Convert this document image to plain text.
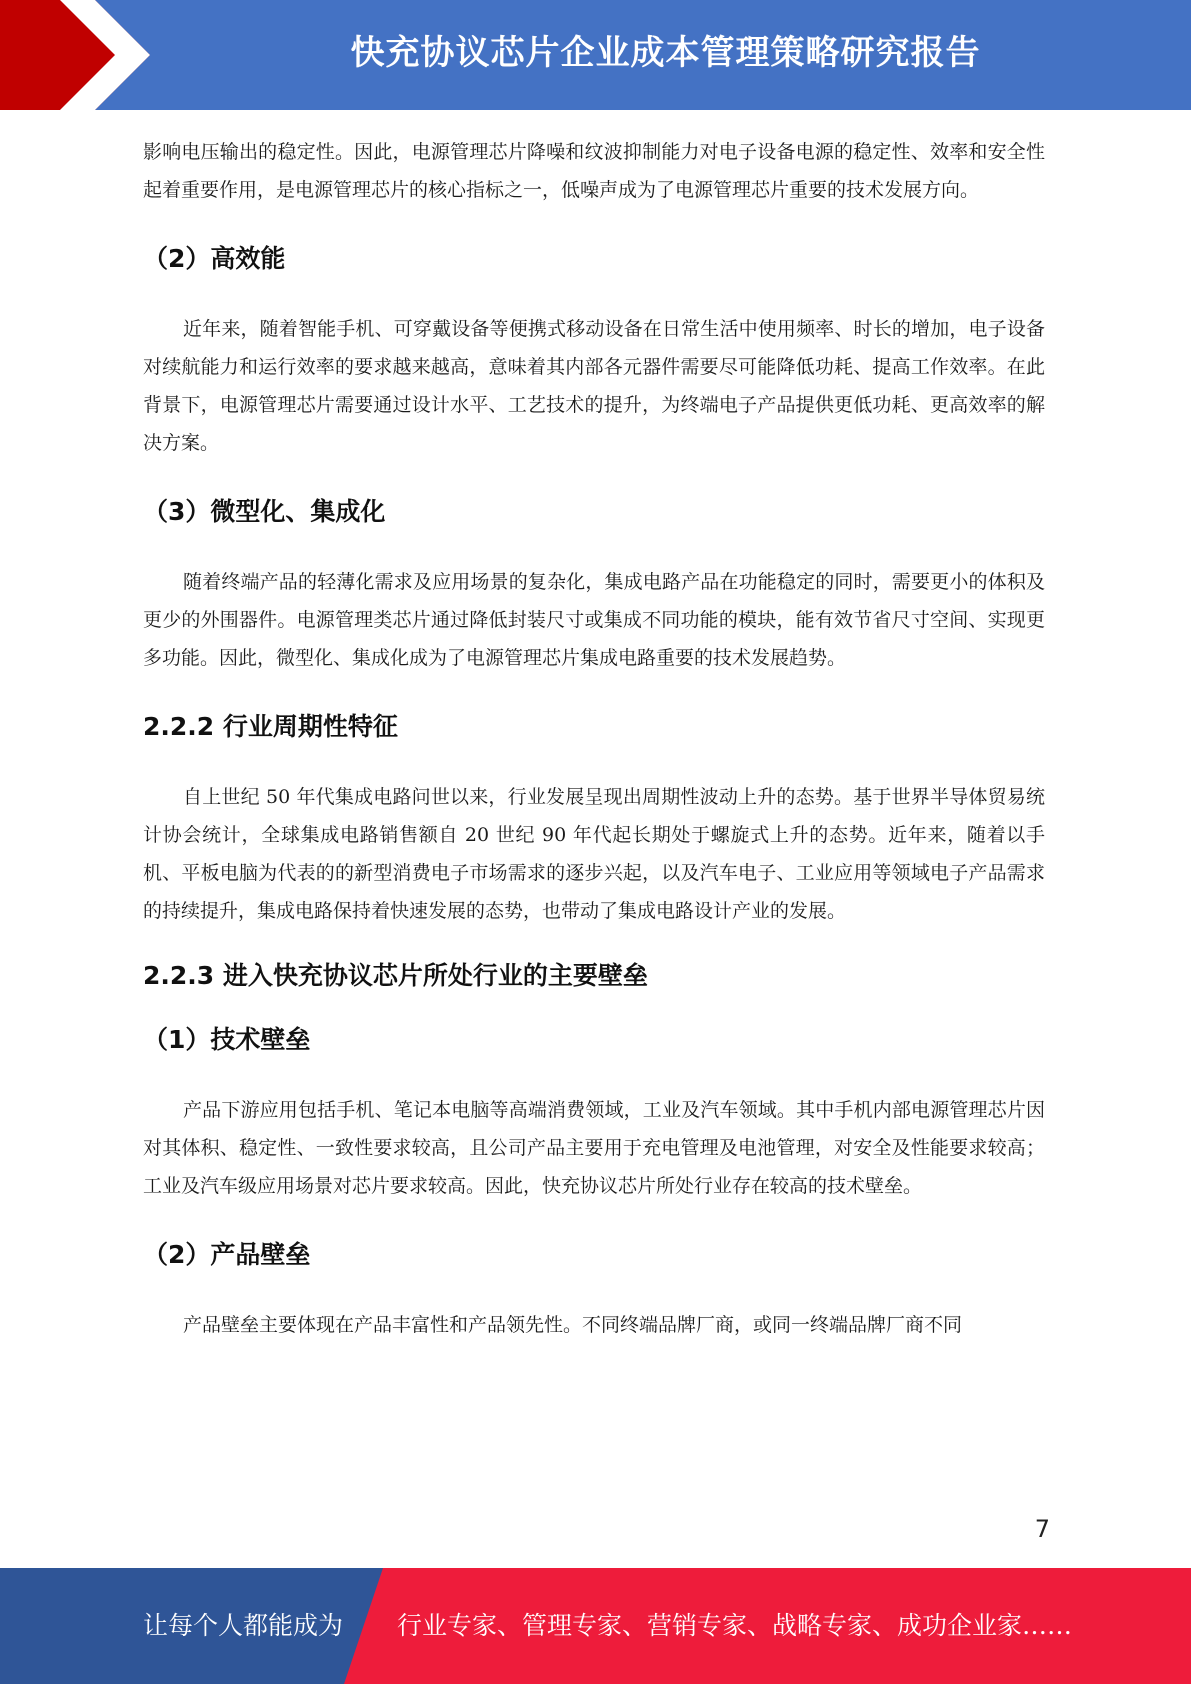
快充协议芯片企业成本管理策略研究报告

影响电压输出的稳定性。因此，电源管理芯片降噪和纹波抑制能力对电子设备电源的稳定性、效率和安全性起着重要作用，是电源管理芯片的核心指标之一，低噪声成为了电源管理芯片重要的技术发展方向。

（2）高效能

近年来，随着智能手机、可穿戴设备等便携式移动设备在日常生活中使用频率、时长的增加，电子设备对续航能力和运行效率的要求越来越高，意味着其内部各元器件需要尽可能降低功耗、提高工作效率。在此背景下，电源管理芯片需要通过设计水平、工艺技术的提升，为终端电子产品提供更低功耗、更高效率的解决方案。

（3）微型化、集成化

随着终端产品的轻薄化需求及应用场景的复杂化，集成电路产品在功能稳定的同时，需要更小的体积及更少的外围器件。电源管理类芯片通过降低封装尺寸或集成不同功能的模块，能有效节省尺寸空间、实现更多功能。因此，微型化、集成化成为了电源管理芯片集成电路重要的技术发展趋势。

2.2.2 行业周期性特征

自上世纪 50 年代集成电路问世以来，行业发展呈现出周期性波动上升的态势。基于世界半导体贸易统计协会统计，全球集成电路销售额自 20 世纪 90 年代起长期处于螺旋式上升的态势。近年来，随着以手机、平板电脑为代表的的新型消费电子市场需求的逐步兴起，以及汽车电子、工业应用等领域电子产品需求的持续提升，集成电路保持着快速发展的态势，也带动了集成电路设计产业的发展。

2.2.3 进入快充协议芯片所处行业的主要壁垒
（1）技术壁垒

产品下游应用包括手机、笔记本电脑等高端消费领域，工业及汽车领域。其中手机内部电源管理芯片因对其体积、稳定性、一致性要求较高，且公司产品主要用于充电管理及电池管理，对安全及性能要求较高；工业及汽车级应用场景对芯片要求较高。因此，快充协议芯片所处行业存在较高的技术壁垒。

（2）产品壁垒

产品壁垒主要体现在产品丰富性和产品领先性。不同终端品牌厂商，或同一终端品牌厂商不同

7
让每个人都能成为 行业专家、管理专家、营销专家、战略专家、成功企业家……
